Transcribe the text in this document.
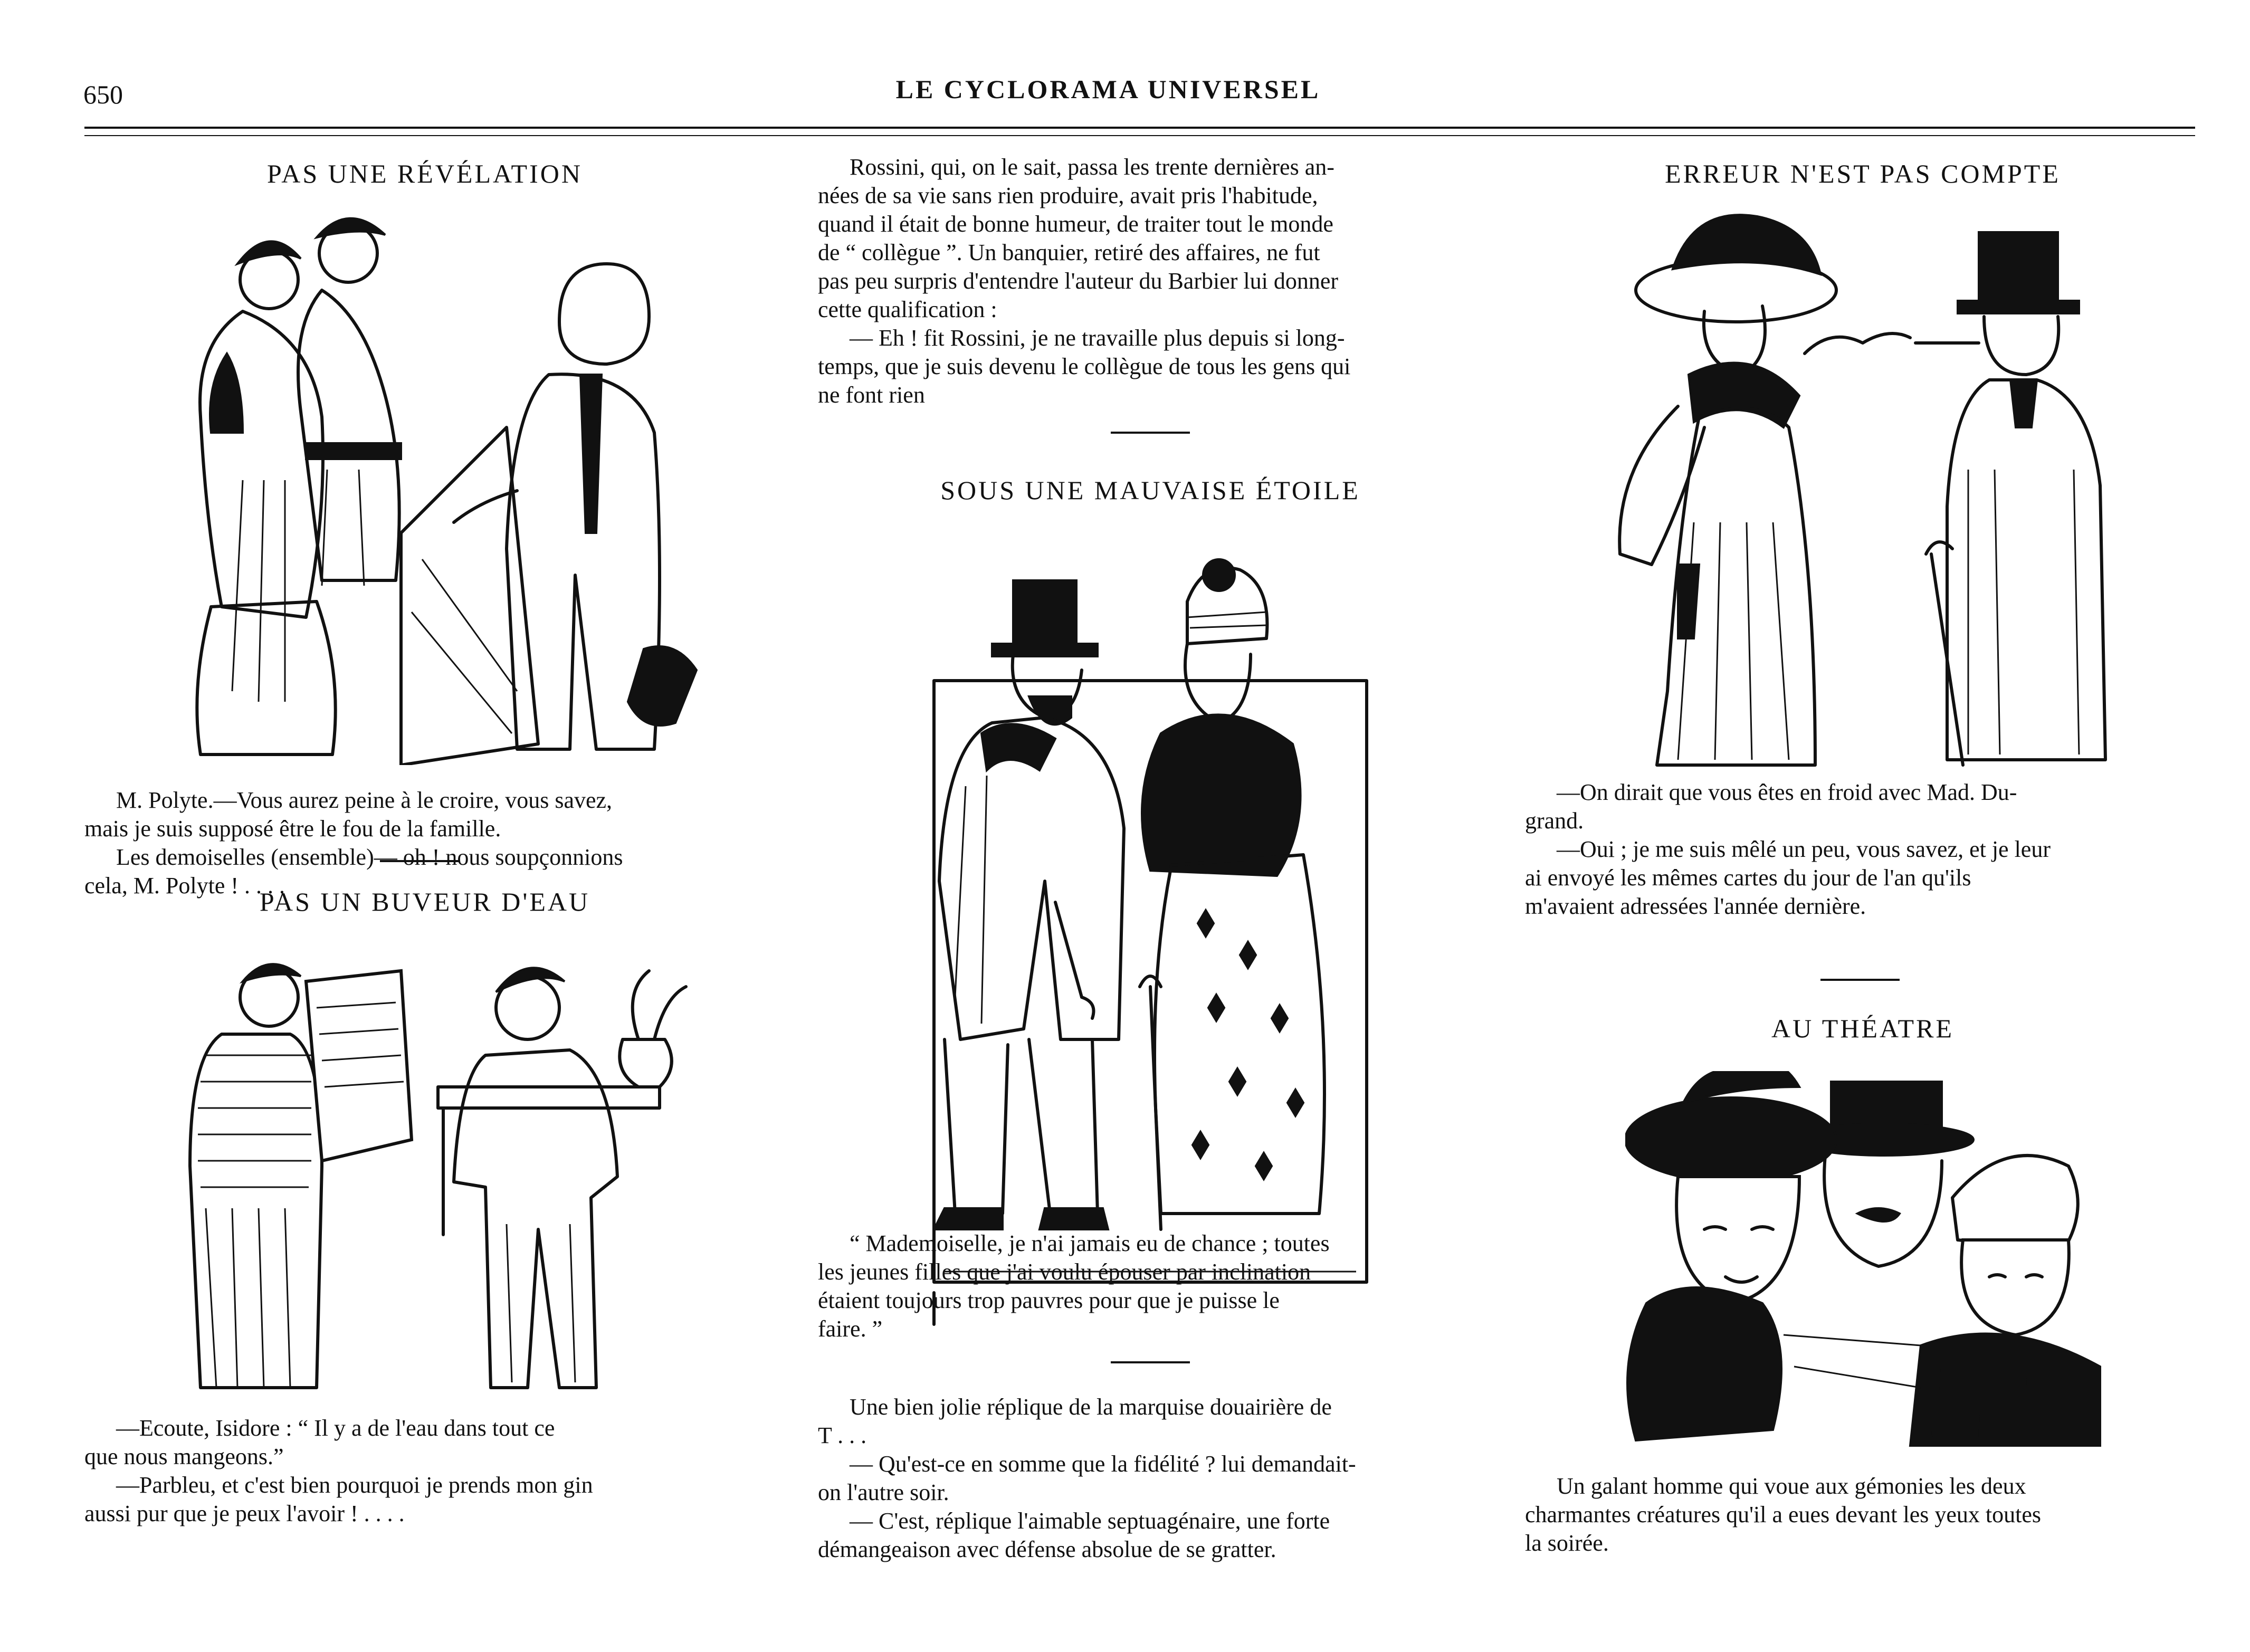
650	LE CYCLORAMA UNIVERSEL
PAS UNE RÉVÉLATION

M. Polyte.—Vous aurez peine à le croire, vous savez,

mais je suis supposé être le fou de la famille.

Les demoiselles (ensemble)— oh ! nous soupçonnions

cela, M. Polyte ! . . . .

PAS UN BUVEUR D'EAU

—Ecoute, Isidore : “ Il y a de l'eau dans tout ce

que nous mangeons.”

—Parbleu, et c'est bien pourquoi je prends mon gin

aussi pur que je peux l'avoir ! . . . .

Rossini, qui, on le sait, passa les trente dernières an-

nées de sa vie sans rien produire, avait pris l'habitude,

quand il était de bonne humeur, de traiter tout le monde

de “ collègue ”. Un banquier, retiré des affaires, ne fut

pas peu surpris d'entendre l'auteur du Barbier lui donner

cette qualification :

— Eh ! fit Rossini, je ne travaille plus depuis si long-

temps, que je suis devenu le collègue de tous les gens qui

ne font rien

SOUS UNE MAUVAISE ÉTOILE

“ Mademoiselle, je n'ai jamais eu de chance ; toutes

les jeunes filles que j'ai voulu épouser par inclination

étaient toujours trop pauvres pour que je puisse le

faire. ”

Une bien jolie réplique de la marquise douairière de

T . . .

— Qu'est-ce en somme que la fidélité ? lui demandait-

on l'autre soir.

— C'est, réplique l'aimable septuagénaire, une forte

démangeaison avec défense absolue de se gratter.

ERREUR N'EST PAS COMPTE

—On dirait que vous êtes en froid avec Mad. Du-

grand.

—Oui ; je me suis mêlé un peu, vous savez, et je leur

ai envoyé les mêmes cartes du jour de l'an qu'ils

m'avaient adressées l'année dernière.

AU THÉATRE

Un galant homme qui voue aux gémonies les deux

charmantes créatures qu'il a eues devant les yeux toutes

la soirée.
